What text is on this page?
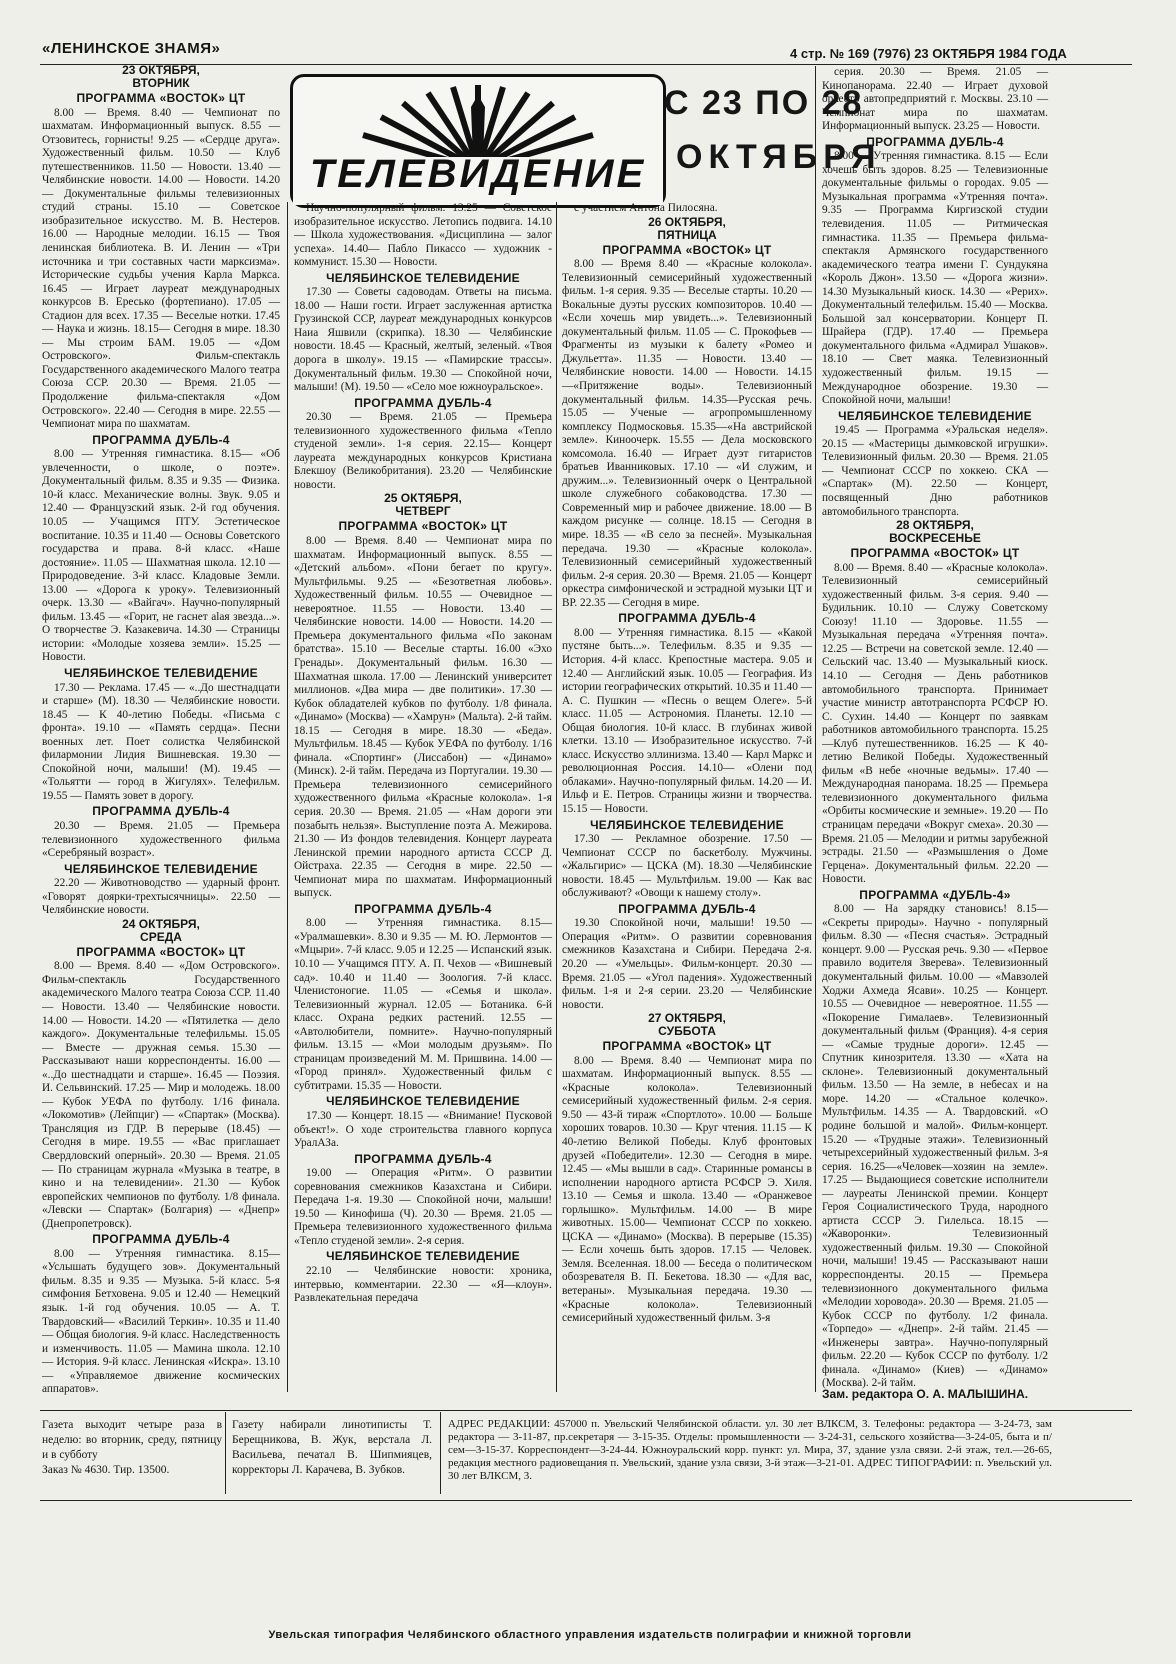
«ЛЕНИНСКОЕ ЗНАМЯ»	4 стр. № 169 (7976) 23 ОКТЯБРЯ 1984 ГОДА
ТЕЛЕВИДЕНИЕ
С 23 ПО 28
ОКТЯБРЯ
23 ОКТЯБРЯ,
ВТОРНИК
ПРОГРАММА «ВОСТОК» ЦТ

8.00 — Время. 8.40 — Чемпионат по шахматам. Информационный выпуск. 8.55 — Отзовитесь, горнисты! 9.25 — «Сердце друга». Художественный фильм. 10.50 — Клуб путешественников. 11.50 — Новости. 13.40 — Челябинские новости. 14.00 — Новости. 14.20 — Документальные фильмы телевизионных студий страны. 15.10 — Советское изобразительное искусство. М. В. Нестеров. 16.00 — Народные мелодии. 16.15 — Твоя ленинская библиотека. В. И. Ленин — «Три источника и три составных части марксизма». Исторические судьбы учения Карла Маркса. 16.45 — Играет лауреат международных конкурсов В. Ересько (фортепиано). 17.05 — Стадион для всех. 17.35 — Веселые нотки. 17.45 — Наука и жизнь. 18.15— Сегодня в мире. 18.30 — Мы строим БАМ. 19.05 — «Дом Островского». Фильм-спектакль Государственного академического Малого театра Союза ССР. 20.30 — Время. 21.05 — Продолжение фильма-спектакля «Дом Островского». 22.40 — Сегодня в мире. 22.55 — Чемпионат мира по шахматам.

ПРОГРАММА ДУБЛЬ-4

8.00 — Утренняя гимнастика. 8.15— «Об увлеченности, о школе, о поэте». Документальный фильм. 8.35 и 9.35 — Физика. 10-й класс. Механические волны. Звук. 9.05 и 12.40 — Французский язык. 2-й год обучения. 10.05 — Учащимся ПТУ. Эстетическое воспитание. 10.35 и 11.40 — Основы Советского государства и права. 8-й класс. «Наше достояние». 11.05 — Шахматная школа. 12.10 — Природоведение. 3-й класс. Кладовые Земли. 13.00 — «Дорога к уроку». Телевизионный очерк. 13.30 — «Вайгач». Научно-популярный фильм. 13.45 — «Горит, не гаснет alая звезда...». О творчестве Э. Казакевича. 14.30 — Страницы истории: «Молодые хозяева земли». 15.25 — Новости.

ЧЕЛЯБИНСКОЕ ТЕЛЕВИДЕНИЕ

17.30 — Реклама. 17.45 — «..До шестнадцати и старше» (М). 18.30 — Челябинские новости. 18.45 — К 40-летию Победы. «Письма с фронта». 19.10 — «Память сердца». Песни военных лет. Поет солистка Челябинской филармонии Лидия Вишневская. 19.30 — Спокойной ночи, малыши! (М). 19.45 — «Тольятти — город в Жигулях». Телефильм. 19.55 — Память зовет в дорогу.

ПРОГРАММА ДУБЛЬ-4

20.30 — Время. 21.05 — Премьера телевизионного художественного фильма «Серебряный возраст».

ЧЕЛЯБИНСКОЕ ТЕЛЕВИДЕНИЕ

22.20 — Животноводство — ударный фронт. «Говорят доярки-трехтысячницы». 22.50 — Челябинские новости.

24 ОКТЯБРЯ,
СРЕДА
ПРОГРАММА «ВОСТОК» ЦТ

8.00 — Время. 8.40 — «Дом Островского». Фильм-спектакль Государственного академического Малого театра Союза ССР. 11.40 — Новости. 13.40 — Челябинские новости. 14.00 — Новости. 14.20 — «Пятилетка — дело каждого». Документальные телефильмы. 15.05 — Вместе — дружная семья. 15.30 — Рассказывают наши корреспонденты. 16.00 — «..До шестнадцати и старше». 16.45 — Поэзия. И. Сельвинский. 17.25 — Мир и молодежь. 18.00 — Кубок УЕФА по футболу. 1/16 финала. «Локомотив» (Лейпциг) — «Спартак» (Москва). Трансляция из ГДР. В перерыве (18.45) — Сегодня в мире. 19.55 — «Вас приглашает Свердловский оперный». 20.30 — Время. 21.05 — По страницам журнала «Музыка в театре, в кино и на телевидении». 21.30 — Кубок европейских чемпионов по футболу. 1/8 финала. «Левски — Спартак» (Болгария) — «Днепр» (Днепропетровск).

ПРОГРАММА ДУБЛЬ-4

8.00 — Утренняя гимнастика. 8.15— «Услышать будущего зов». Документальный фильм. 8.35 и 9.35 — Музыка. 5-й класс. 5-я симфония Бетховена. 9.05 и 12.40 — Немецкий язык. 1-й год обучения. 10.05 — А. Т. Твардовский— «Василий Теркин». 10.35 и 11.40 — Общая биология. 9-й класс. Наследственность и изменчивость. 11.05 — Мамина школа. 12.10 — История. 9-й класс. Ленинская «Искра». 13.10 — «Управляемое движение космических аппаратов».

Научно-популярный фильм. 13.25 — Советское изобразительное искусство. Летопись подвига. 14.10 — Школа художествования. «Дисциплина — залог успеха». 14.40— Пабло Пикассо — художник - коммунист. 15.30 — Новости.

ЧЕЛЯБИНСКОЕ ТЕЛЕВИДЕНИЕ

17.30 — Советы садоводам. Ответы на письма. 18.00 — Наши гости. Играет заслуженная артистка Грузинской ССР, лауреат международных конкурсов Наиа Яшвили (скрипка). 18.30 — Челябинские новости. 18.45 — Красный, желтый, зеленый. «Твоя дорога в школу». 19.15 — «Памирские трассы». Документальный фильм. 19.30 — Спокойной ночи, малыши! (М). 19.50 — «Село мое южноуральское».

ПРОГРАММА ДУБЛЬ-4

20.30 — Время. 21.05 — Премьера телевизионного художественного фильма «Тепло студеной земли». 1-я серия. 22.15— Концерт лауреата международных конкурсов Кристиана Блекшоу (Великобритания). 23.20 — Челябинские новости.

25 ОКТЯБРЯ,
ЧЕТВЕРГ
ПРОГРАММА «ВОСТОК» ЦТ

8.00 — Время. 8.40 — Чемпионат мира по шахматам. Информационный выпуск. 8.55 — «Детский альбом». «Пони бегает по кругу». Мультфильмы. 9.25 — «Безответная любовь». Художественный фильм. 10.55 — Очевидное — невероятное. 11.55 — Новости. 13.40 — Челябинские новости. 14.00 — Новости. 14.20 — Премьера документального фильма «По законам братства». 15.10 — Веселые старты. 16.00 «Эхо Гренады». Документальный фильм. 16.30 — Шахматная школа. 17.00 — Ленинский университет миллионов. «Два мира — две политики». 17.30 — Кубок обладателей кубков по футболу. 1/8 финала. «Динамо» (Москва) — «Хамрун» (Мальта). 2-й тайм. 18.15 — Сегодня в мире. 18.30 — «Беда». Мультфильм. 18.45 — Кубок УЕФА по футболу. 1/16 финала. «Спортинг» (Лиссабон) — «Динамо» (Минск). 2-й тайм. Передача из Португалии. 19.30 — Премьера телевизионного семисерийного художественного фильма «Красные колокола». 1-я серия. 20.30 — Время. 21.05 — «Нам дороги эти позабыть нельзя». Выступление поэта А. Межирова. 21.30 — Из фондов телевидения. Концерт лауреата Ленинской премии народного артиста СССР Д. Ойстраха. 22.35 — Сегодня в мире. 22.50 — Чемпионат мира по шахматам. Информационный выпуск.

ПРОГРАММА ДУБЛЬ-4

8.00 — Утренняя гимнастика. 8.15— «Уралмашевки». 8.30 и 9.35 — М. Ю. Лермонтов — «Мцыри». 7-й класс. 9.05 и 12.25 — Испанский язык. 10.10 — Учащимся ПТУ. А. П. Чехов — «Вишневый сад». 10.40 и 11.40 — Зоология. 7-й класс. Членистоногие. 11.05 — «Семья и школа». Телевизионный журнал. 12.05 — Ботаника. 6-й класс. Охрана редких растений. 12.55 — «Автолюбители, помните». Научно-популярный фильм. 13.15 — «Мои молодым друзьям». По страницам произведений М. М. Пришвина. 14.00 — «Город принял». Художественный фильм с субтитрами. 15.35 — Новости.

ЧЕЛЯБИНСКОЕ ТЕЛЕВИДЕНИЕ

17.30 — Концерт. 18.15 — «Внимание! Пусковой объект!». О ходе строительства главного корпуса УралАЗа.

ПРОГРАММА ДУБЛЬ-4

19.00 — Операция «Ритм». О развитии соревнования смежников Казахстана и Сибири. Передача 1-я. 19.30 — Спокойной ночи, малыши! 19.50 — Кинофишa (Ч). 20.30 — Время. 21.05 — Премьера телевизионного художественного фильма «Тепло студеной земли». 2-я серия.

ЧЕЛЯБИНСКОЕ ТЕЛЕВИДЕНИЕ

22.10 — Челябинские новости: хроника, интервью, комментарии. 22.30 — «Я—клоун». Развлекательная передача

с участием Антона Пилосяна.

26 ОКТЯБРЯ,
ПЯТНИЦА
ПРОГРАММА «ВОСТОК» ЦТ

8.00 — Время 8.40 — «Красные колокола». Телевизионный семисерийный художественный фильм. 1-я серия. 9.35 — Веселые старты. 10.20 — Вокальные дуэты русских композиторов. 10.40 — «Если хочешь мир увидеть...». Телевизионный документальный фильм. 11.05 — С. Прокофьев — Фрагменты из музыки к балету «Ромео и Джульетта». 11.35 — Новости. 13.40 — Челябинские новости. 14.00 — Новости. 14.15—«Притяжение воды». Телевизионный документальный фильм. 14.35—Русская речь. 15.05 — Ученые — агропромышленному комплексу Подмосковья. 15.35—«На австрийской земле». Киноочерк. 15.55 — Дела московского комсомола. 16.40 — Играет дуэт гитаристов братьев Иванниковых. 17.10 — «И служим, и дружим...». Телевизионный очерк о Центральной школе служебного собаководства. 17.30 — Современный мир и рабочее движение. 18.00 — В каждом рисунке — солнце. 18.15 — Сегодня в мире. 18.35 — «В село за песней». Музыкальная передача. 19.30 — «Красные колокола». Телевизионный семисерийный художественный фильм. 2-я серия. 20.30 — Время. 21.05 — Концерт оркестра симфонической и эстрадной музыки ЦТ и ВР. 22.35 — Сегодня в мире.

ПРОГРАММА ДУБЛЬ-4

8.00 — Утренняя гимнастика. 8.15 — «Какой пустяне быть...». Телефильм. 8.35 и 9.35 — История. 4-й класс. Крепостные мастера. 9.05 и 12.40 — Английский язык. 10.05 — География. Из истории географических открытий. 10.35 и 11.40 — А. С. Пушкин — «Песнь о вещем Олеге». 5-й класс. 11.05 — Астрономия. Планеты. 12.10 — Общая биология. 10-й класс. В глубинах живой клетки. 13.10 — Изобразительное искусство. 7-й класс. Искусство эллинизма. 13.40 — Карл Маркс и революционная Россия. 14.10— «Олени под облаками». Научно-популярный фильм. 14.20 — И. Ильф и Е. Петров. Страницы жизни и творчества. 15.15 — Новости.

ЧЕЛЯБИНСКОЕ ТЕЛЕВИДЕНИЕ

17.30 — Рекламное обозрение. 17.50 — Чемпионат СССР по баскетболу. Мужчины. «Жальгирис» — ЦСКА (М). 18.30 —Челябинские новости. 18.45 — Мультфильм. 19.00 — Как вас обслуживают? «Овощи к нашему столу».

ПРОГРАММА ДУБЛЬ-4

19.30 Спокойной ночи, малыши! 19.50 — Операция «Ритм». О развитии соревнования смежников Казахстана и Сибири. Передача 2-я. 20.20 — «Умельцы». Фильм-концерт. 20.30 — Время. 21.05 — «Угол падения». Художественный фильм. 1-я и 2-я серии. 23.20 — Челябинские новости.

27 ОКТЯБРЯ,
СУББОТА
ПРОГРАММА «ВОСТОК» ЦТ

8.00 — Время. 8.40 — Чемпионат мира по шахматам. Информационный выпуск. 8.55 — «Красные колокола». Телевизионный семисерийный художественный фильм. 2-я серия. 9.50 — 43-й тираж «Спортлото». 10.00 — Больше хороших товаров. 10.30 — Круг чтения. 11.15 — К 40-летию Великой Победы. Клуб фронтовых друзей «Победители». 12.30 — Сегодня в мире. 12.45 — «Мы вышли в сад». Старинные романсы в исполнении народного артиста РСФСР Э. Хиля. 13.10 — Семья и школа. 13.40 — «Оранжевое горлышко». Мультфильм. 14.00 — В мире животных. 15.00— Чемпионат СССР по хоккею. ЦСКА — «Динамо» (Москва). В перерыве (15.35) — Если хочешь быть здоров. 17.15 — Человек. Земля. Вселенная. 18.00 — Беседа о политическом обозревателя В. П. Бекетова. 18.30 — «Для вас, ветераны». Музыкальная передача. 19.30 — «Красные колокола». Телевизионный семисерийный художественный фильм. 3-я

серия. 20.30 — Время. 21.05 — Кинопанорама. 22.40 — Играет духовой оркестр автопредприятий г. Москвы. 23.10 — Чемпионат мира по шахматам. Информационный выпуск. 23.25 — Новости.

ПРОГРАММА ДУБЛЬ-4

8.00 — Утренняя гимнастика. 8.15 — Если хочешь быть здоров. 8.25 — Телевизионные документальные фильмы о городах. 9.05 — Музыкальная программа «Утренняя почта». 9.35 — Программа Киргизской студии телевидения. 11.05 — Ритмическая гимнастика. 11.35 — Премьера фильма-спектакля Армянского государственного академического театра имени Г. Сундукяна «Король Джон». 13.50 — «Дорога жизни». 14.30 Музыкальный киоск. 14.30 — «Рерих». Документальный телефильм. 15.40 — Москва. Большой зал консерватории. Концерт П. Шрайера (ГДР). 17.40 — Премьера документального фильма «Адмирал Ушаков». 18.10 — Свет маяка. Телевизионный художественный фильм. 19.15 — Международное обозрение. 19.30 — Спокойной ночи, малыши!

ЧЕЛЯБИНСКОЕ ТЕЛЕВИДЕНИЕ

19.45 — Программа «Уральская неделя». 20.15 — «Мастерицы дымковской игрушки». Телевизионный фильм. 20.30 — Время. 21.05 — Чемпионат СССР по хоккею. СКА — «Спартак» (М). 22.50 — Концерт, посвященный Дню работников автомобильного транспорта.

28 ОКТЯБРЯ,
ВОСКРЕСЕНЬЕ
ПРОГРАММА «ВОСТОК» ЦТ

8.00 — Время. 8.40 — «Красные колокола». Телевизионный семисерийный художественный фильм. 3-я серия. 9.40 — Будильник. 10.10 — Служу Советскому Союзу! 11.10 — Здоровье. 11.55 — Музыкальная передача «Утренняя почта». 12.25 — Встречи на советской земле. 12.40 — Сельский час. 13.40 — Музыкальный киоск. 14.10 — Сегодня — День работников автомобильного транспорта. Принимает участие министр автотранспорта РСФСР Ю. С. Сухин. 14.40 — Концерт по заявкам работников автомобильного транспорта. 15.25—Клуб путешественников. 16.25 — К 40-летию Великой Победы. Художественный фильм «В небе «ночные ведьмы». 17.40 — Международная панорама. 18.25 — Премьера телевизионного документального фильма «Орбиты космические и земные». 19.20 — По страницам передачи «Вокруг смеха». 20.30 — Время. 21.05 — Мелодии и ритмы зарубежной эстрады. 21.50 — «Размышления о Доме Герцена». Документальный фильм. 22.20 — Новости.

ПРОГРАММА «ДУБЛЬ-4»

8.00 — На зарядку становись! 8.15— «Секреты природы». Научно - популярный фильм. 8.30 — «Песня счастья». Эстрадный концерт. 9.00 — Русская речь. 9.30 — «Первое правило водителя Зверева». Телевизионный документальный фильм. 10.00 — «Мавзолей Ходжи Ахмеда Ясави». 10.25 — Концерт. 10.55 — Очевидное — невероятное. 11.55 — «Покорение Гималаев». Телевизионный документальный фильм (Франция). 4-я серия — «Самые трудные дороги». 12.45 — Спутник кинозрителя. 13.30 — «Хата на склоне». Телевизионный документальный фильм. 13.50 — На земле, в небесах и на море. 14.20 — «Стальное колечко». Мультфильм. 14.35 — А. Твардовский. «О родине большой и малой». Фильм-концерт. 15.20 — «Трудные этажи». Телевизионный четырехсерийный художественный фильм. 3-я серия. 16.25—«Человек—хозяин на земле». 17.25 — Выдающиеся советские исполнители — лауреаты Ленинской премии. Концерт Героя Социалистического Труда, народного артиста СССР Э. Гилельса. 18.15 — «Жаворонки». Телевизионный художественный фильм. 19.30 — Спокойной ночи, малыши! 19.45 — Рассказывают наши корреспонденты. 20.15 — Премьера телевизионного документального фильма «Мелодии хоровода». 20.30 — Время. 21.05 — Кубок СССР по футболу. 1/2 финала. «Торпедо» — «Днепр». 2-й тайм. 21.45 — «Инженеры завтра». Научно-популярный фильм. 22.20 — Кубок СССР по футболу. 1/2 финала. «Динамо» (Киев) — «Динамо» (Москва). 2-й тайм.

Зам. редактора О. А. МАЛЫШИНА.
Газета выходит четыре раза в неделю: во вторник, среду, пятницу и в субботу
Заказ № 4630. Тир. 13500.
Газету набирали линотиписты Т. Берещникова, В. Жук, верстала Л. Васильева, печатал В. Шипмияцев, корректоры Л. Карачева, В. Зубков.
АДРЕС РЕДАКЦИИ: 457000 п. Увельский Челябинской области. ул. 30 лет ВЛКСМ, 3. Телефоны: редактора — 3-24-73, зам редактора — 3-11-87, пр.секретаря — 3-15-35. Отделы: промышленности — 3-24-31, сельского хозяйства—3-24-05, быта и п/сем—3-15-37. Корреспондент—3-24-44. Южноуральский корр. пункт: ул. Мира, 37, здание узла связи. 2-й этаж, тел.—26-65, редакция местного радиовещания п. Увельский, здание узла связи, 3-й этаж—3-21-01. АДРЕС ТИПОГРАФИИ: п. Увельский ул. 30 лет ВЛКСМ, 3.
Увельская типография Челябинского областного управления издательств полиграфии и книжной торговли
